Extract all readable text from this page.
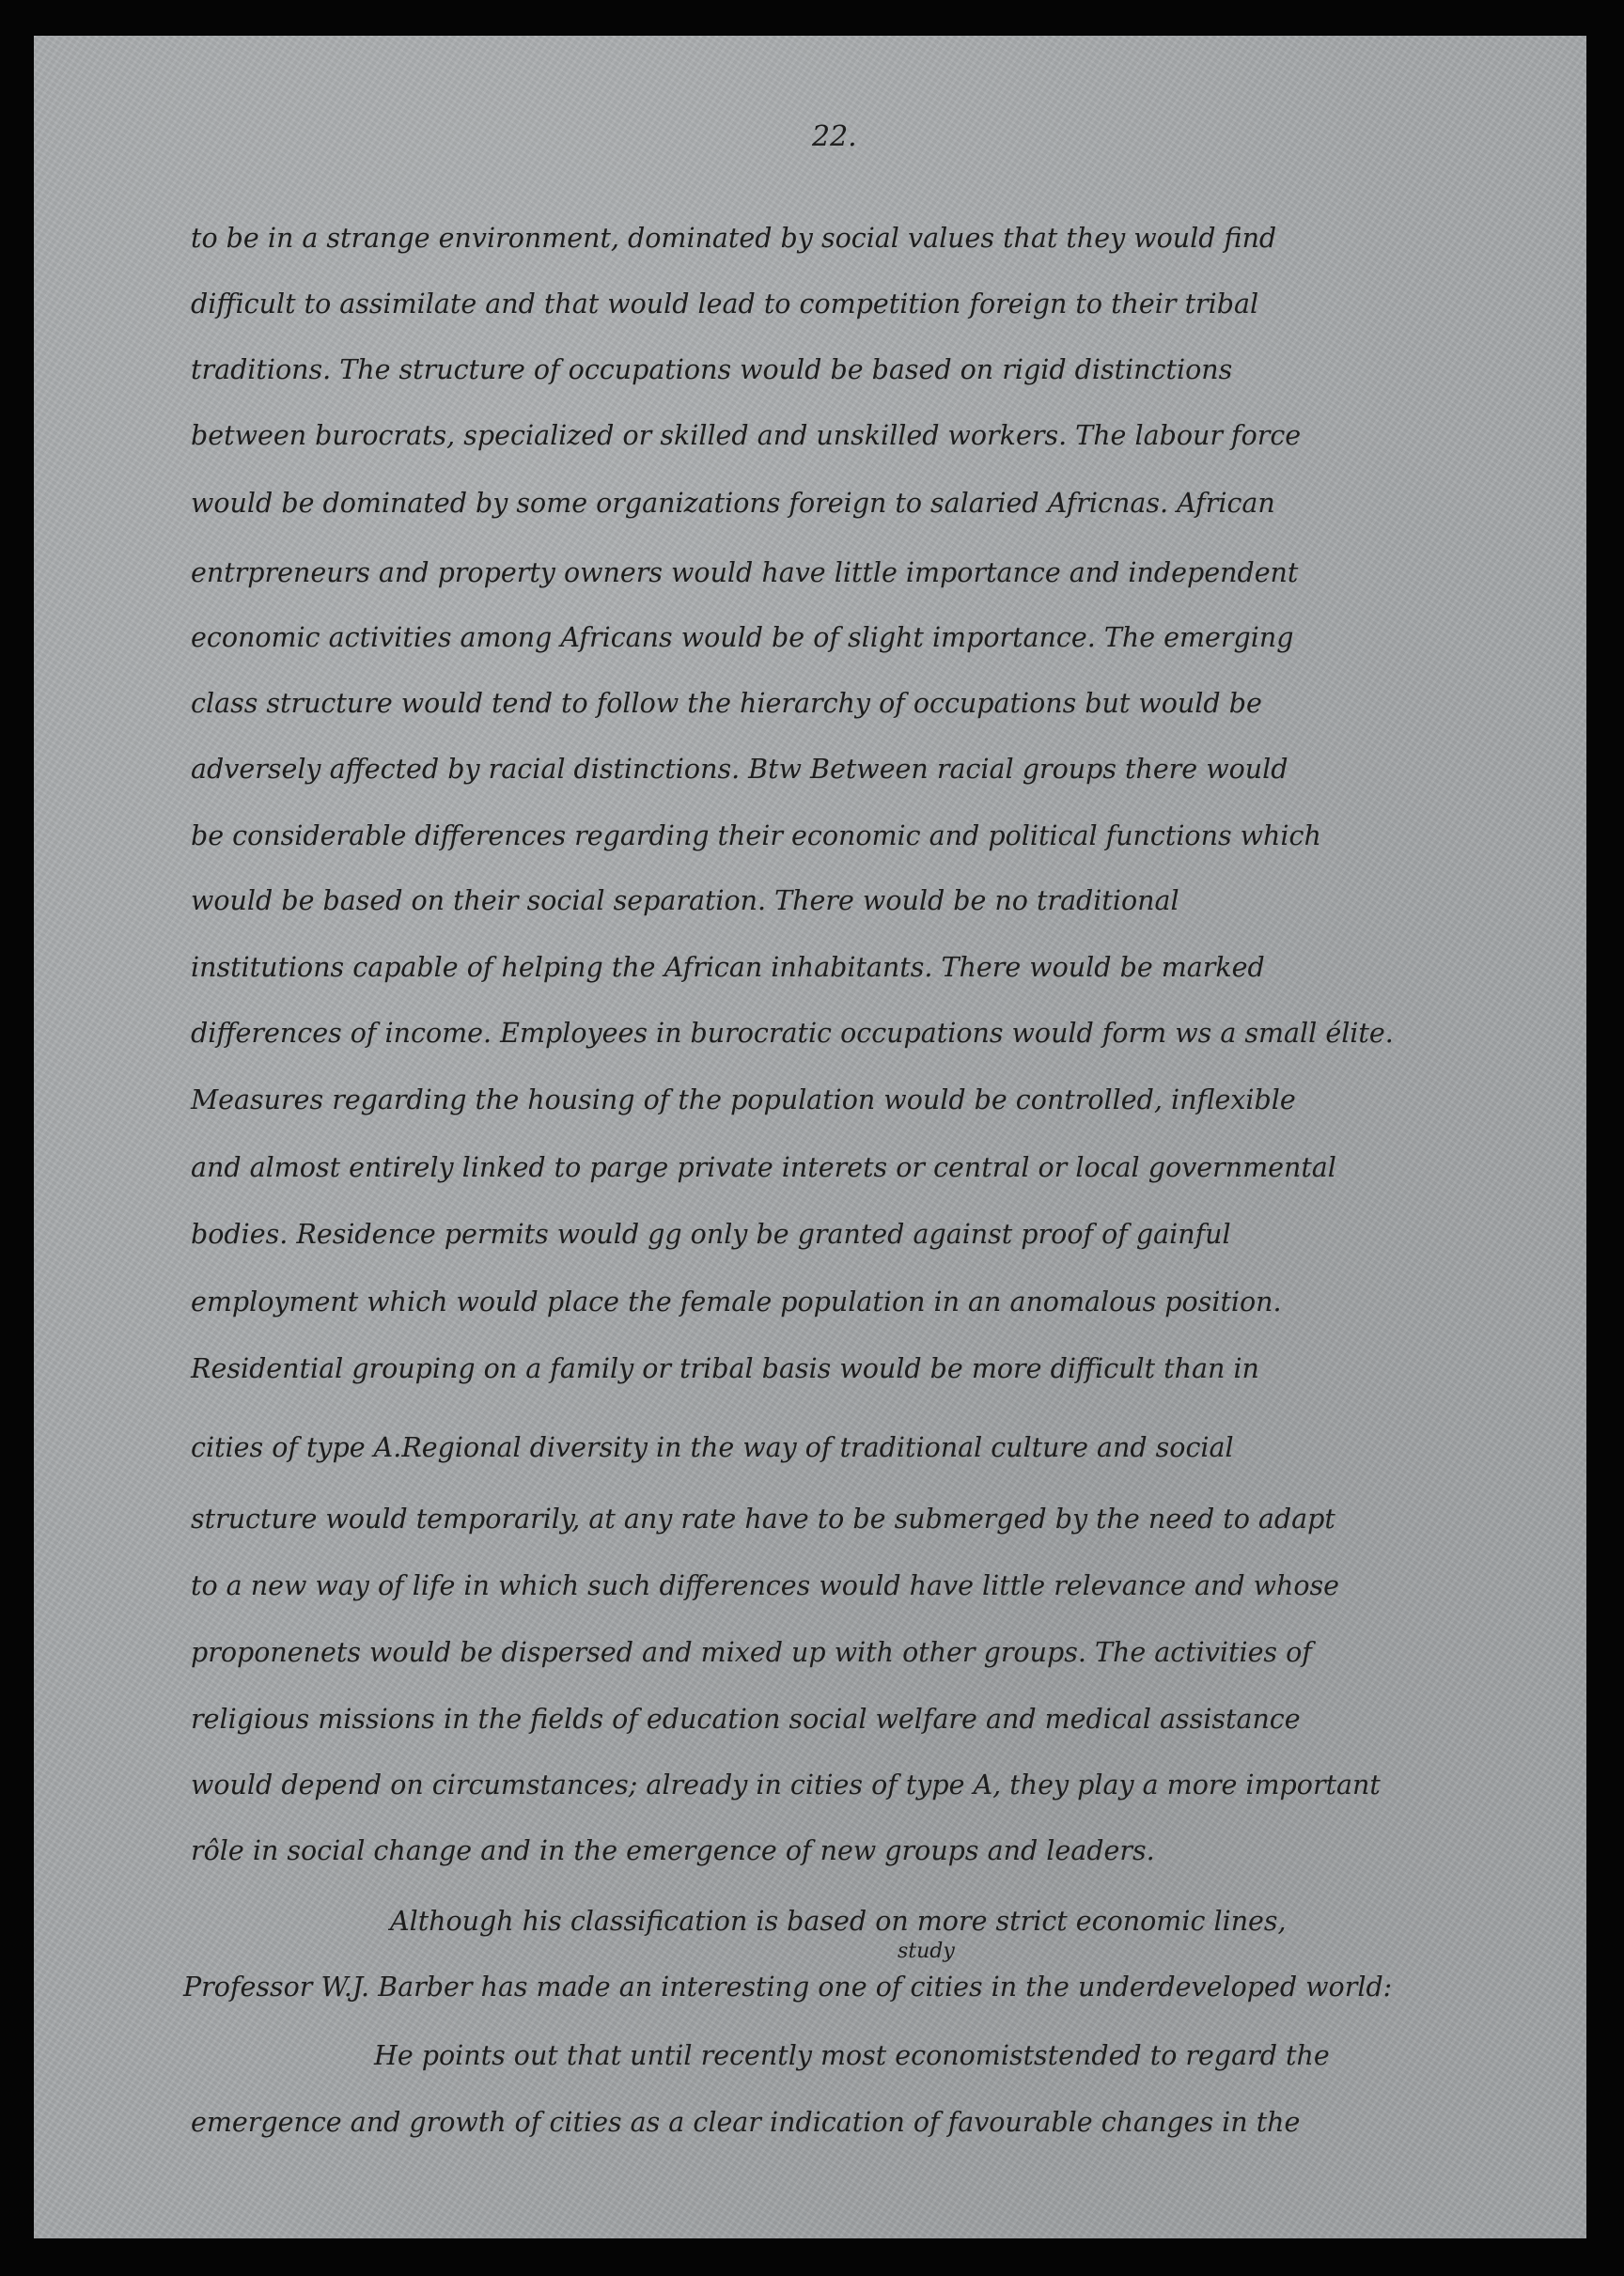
22.

to be in a strange environment, dominated by social values that they would find

difficult to assimilate and that would lead to competition foreign to their tribal

traditions. The structure of occupations would be based on rigid distinctions

between burocrats, specialized or skilled and unskilled workers. The labour force

would be dominated by some organizations foreign to salaried Africnas. African

entrpreneurs and property owners would have little importance and independent

economic activities among Africans would be of slight importance. The emerging

class structure would tend to follow the hierarchy of occupations but would be

adversely affected by racial distinctions. Btw Between racial groups there would

be considerable differences regarding their economic and political functions which

would be based on their social separation. There would be no traditional

institutions capable of helping the African inhabitants. There would be marked

differences of income. Employees in burocratic occupations would form ws a small élite.

Measures regarding the housing of the population would be controlled, inflexible

and almost entirely linked to parge private interets or central or local governmental

bodies. Residence permits would gg only be granted against proof of gainful

employment which would place the female population in an anomalous position.

Residential grouping on a family or tribal basis would be more difficult than in

cities of type A.Regional diversity in the way of traditional culture and social

structure would temporarily, at any rate have to be submerged by the need to adapt

to a new way of life in which such differences would have little relevance and whose

proponenets would be dispersed and mixed up with other groups. The activities of

religious missions in the fields of education social welfare and medical assistance

would depend on circumstances; already in cities of type A, they play a more important

rôle in social change and in the emergence of new groups and leaders.

Although his classification is based on more strict economic lines,

study

Professor W.J. Barber has made an interesting one of cities in the underdeveloped world:

He points out that until recently most economiststended to regard the

emergence and growth of cities as a clear indication of favourable changes in the
